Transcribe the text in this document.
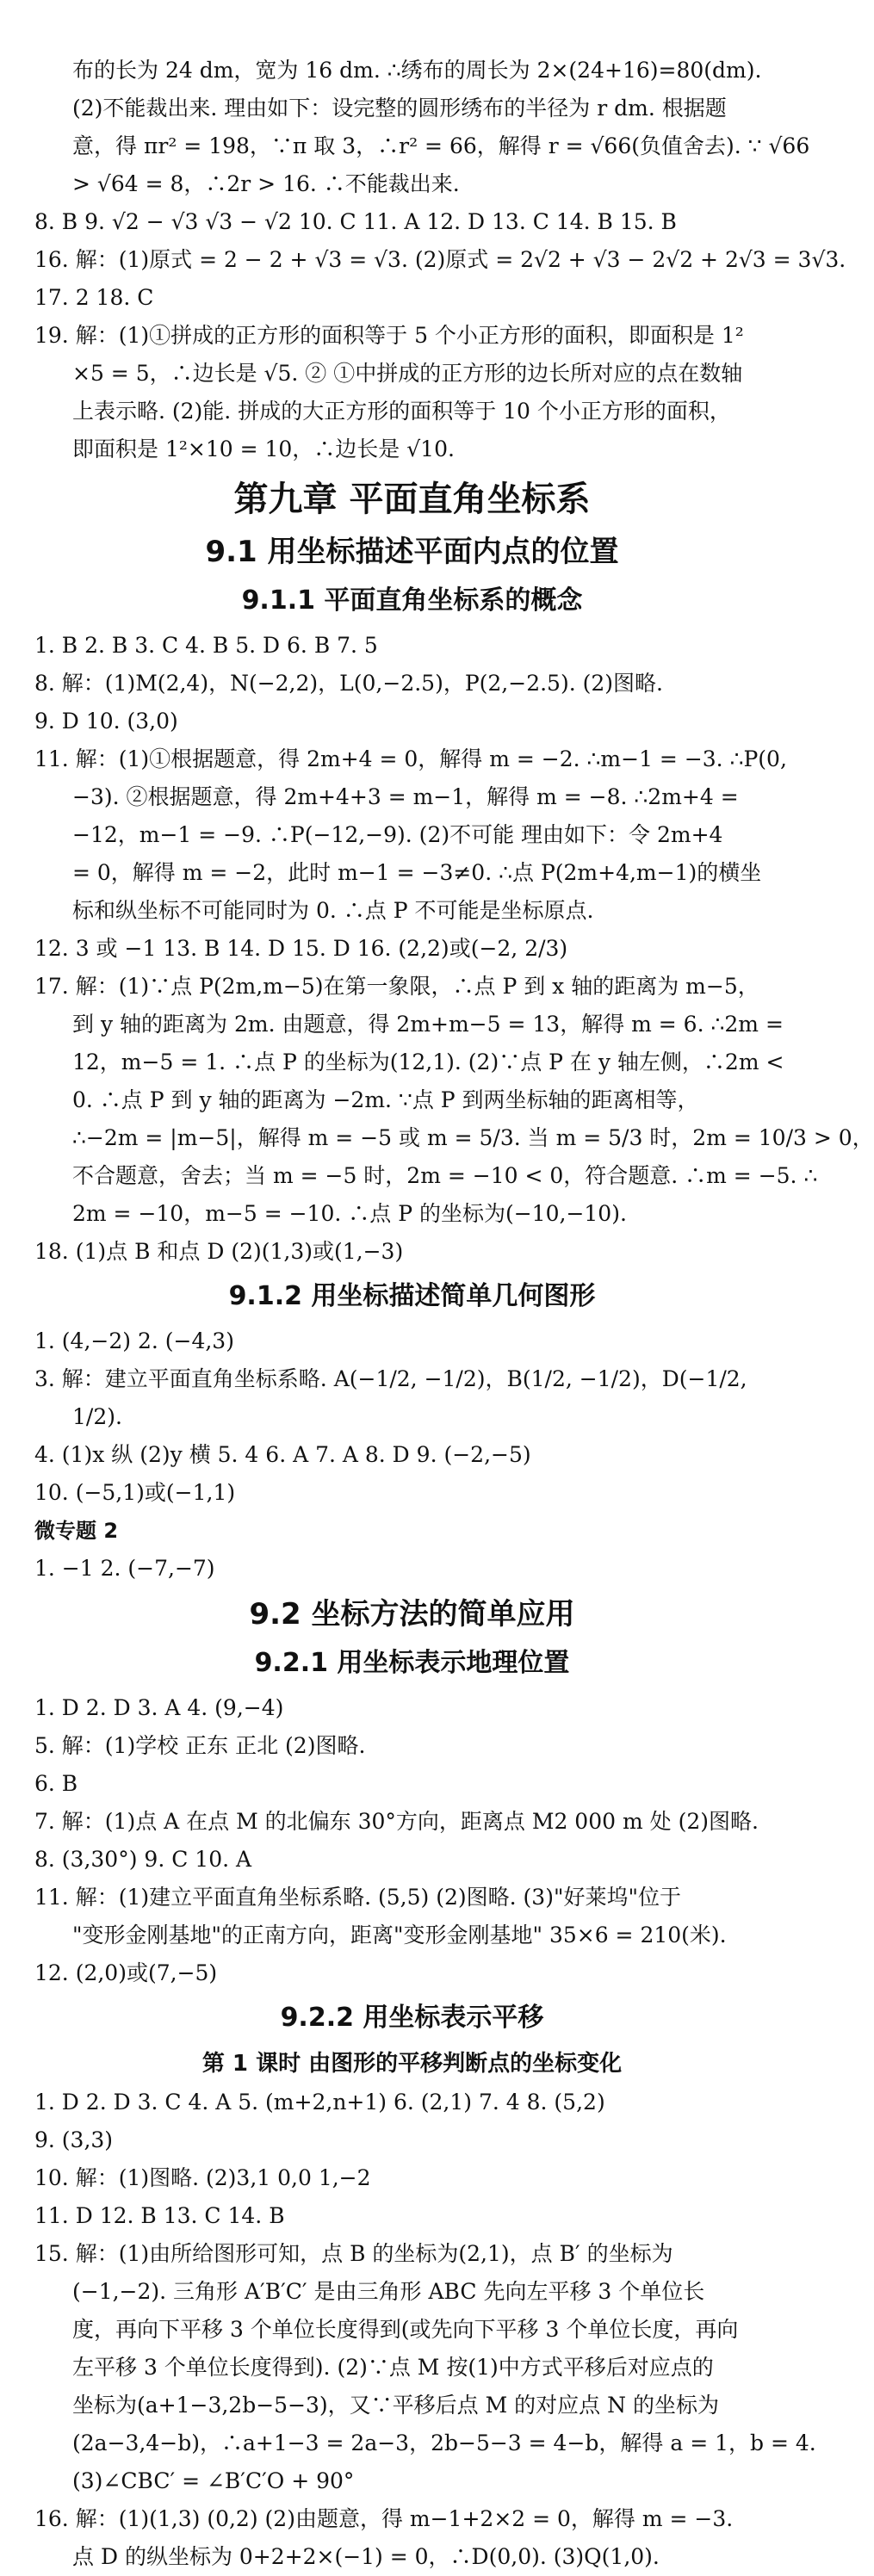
布的长为 24 dm，宽为 16 dm. ∴绣布的周长为 2×(24+16)=80(dm).
(2)不能裁出来. 理由如下：设完整的圆形绣布的半径为 r dm. 根据题
意，得 πr² = 198，∵π 取 3，∴r² = 66，解得 r = √66(负值舍去). ∵ √66
> √64 = 8，∴2r > 16. ∴不能裁出来.
8. B 9. √2 − √3 √3 − √2 10. C 11. A 12. D 13. C 14. B 15. B
16. 解：(1)原式 = 2 − 2 + √3 = √3. (2)原式 = 2√2 + √3 − 2√2 + 2√3 = 3√3.
17. 2 18. C
19. 解：(1)①拼成的正方形的面积等于 5 个小正方形的面积，即面积是 1²
×5 = 5，∴边长是 √5. ② ①中拼成的正方形的边长所对应的点在数轴
上表示略. (2)能. 拼成的大正方形的面积等于 10 个小正方形的面积，
即面积是 1²×10 = 10，∴边长是 √10.
第九章 平面直角坐标系
9.1 用坐标描述平面内点的位置
9.1.1 平面直角坐标系的概念
1. B 2. B 3. C 4. B 5. D 6. B 7. 5
8. 解：(1)M(2,4)，N(−2,2)，L(0,−2.5)，P(2,−2.5). (2)图略.
9. D 10. (3,0)
11. 解：(1)①根据题意，得 2m+4 = 0，解得 m = −2. ∴m−1 = −3. ∴P(0,
−3). ②根据题意，得 2m+4+3 = m−1，解得 m = −8. ∴2m+4 =
−12，m−1 = −9. ∴P(−12,−9). (2)不可能 理由如下：令 2m+4
= 0，解得 m = −2，此时 m−1 = −3≠0. ∴点 P(2m+4,m−1)的横坐
标和纵坐标不可能同时为 0. ∴点 P 不可能是坐标原点.
12. 3 或 −1 13. B 14. D 15. D 16. (2,2)或(−2, 2/3)
17. 解：(1)∵点 P(2m,m−5)在第一象限，∴点 P 到 x 轴的距离为 m−5，
到 y 轴的距离为 2m. 由题意，得 2m+m−5 = 13，解得 m = 6. ∴2m =
12，m−5 = 1. ∴点 P 的坐标为(12,1). (2)∵点 P 在 y 轴左侧，∴2m <
0. ∴点 P 到 y 轴的距离为 −2m. ∵点 P 到两坐标轴的距离相等，
∴−2m = |m−5|，解得 m = −5 或 m = 5/3. 当 m = 5/3 时，2m = 10/3 > 0，
不合题意，舍去；当 m = −5 时，2m = −10 < 0，符合题意. ∴m = −5. ∴
2m = −10，m−5 = −10. ∴点 P 的坐标为(−10,−10).
18. (1)点 B 和点 D (2)(1,3)或(1,−3)
9.1.2 用坐标描述简单几何图形
1. (4,−2) 2. (−4,3)
3. 解：建立平面直角坐标系略. A(−1/2, −1/2)，B(1/2, −1/2)，D(−1/2,
1/2).
4. (1)x 纵 (2)y 横 5. 4 6. A 7. A 8. D 9. (−2,−5)
10. (−5,1)或(−1,1)
微专题 2
1. −1 2. (−7,−7)
9.2 坐标方法的简单应用
9.2.1 用坐标表示地理位置
1. D 2. D 3. A 4. (9,−4)
5. 解：(1)学校 正东 正北 (2)图略.
6. B
7. 解：(1)点 A 在点 M 的北偏东 30°方向，距离点 M2 000 m 处 (2)图略.
8. (3,30°) 9. C 10. A
11. 解：(1)建立平面直角坐标系略. (5,5) (2)图略. (3)"好莱坞"位于
"变形金刚基地"的正南方向，距离"变形金刚基地" 35×6 = 210(米).
12. (2,0)或(7,−5)
9.2.2 用坐标表示平移
第 1 课时 由图形的平移判断点的坐标变化
1. D 2. D 3. C 4. A 5. (m+2,n+1) 6. (2,1) 7. 4 8. (5,2)
9. (3,3)
10. 解：(1)图略. (2)3,1 0,0 1,−2
11. D 12. B 13. C 14. B
15. 解：(1)由所给图形可知，点 B 的坐标为(2,1)，点 B′ 的坐标为
(−1,−2). 三角形 A′B′C′ 是由三角形 ABC 先向左平移 3 个单位长
度，再向下平移 3 个单位长度得到(或先向下平移 3 个单位长度，再向
左平移 3 个单位长度得到). (2)∵点 M 按(1)中方式平移后对应点的
坐标为(a+1−3,2b−5−3)，又∵平移后点 M 的对应点 N 的坐标为
(2a−3,4−b)，∴a+1−3 = 2a−3，2b−5−3 = 4−b，解得 a = 1，b = 4.
(3)∠CBC′ = ∠B′C′O + 90°
16. 解：(1)(1,3) (0,2) (2)由题意，得 m−1+2×2 = 0，解得 m = −3.
点 D 的纵坐标为 0+2+2×(−1) = 0，∴D(0,0). (3)Q(1,0).
